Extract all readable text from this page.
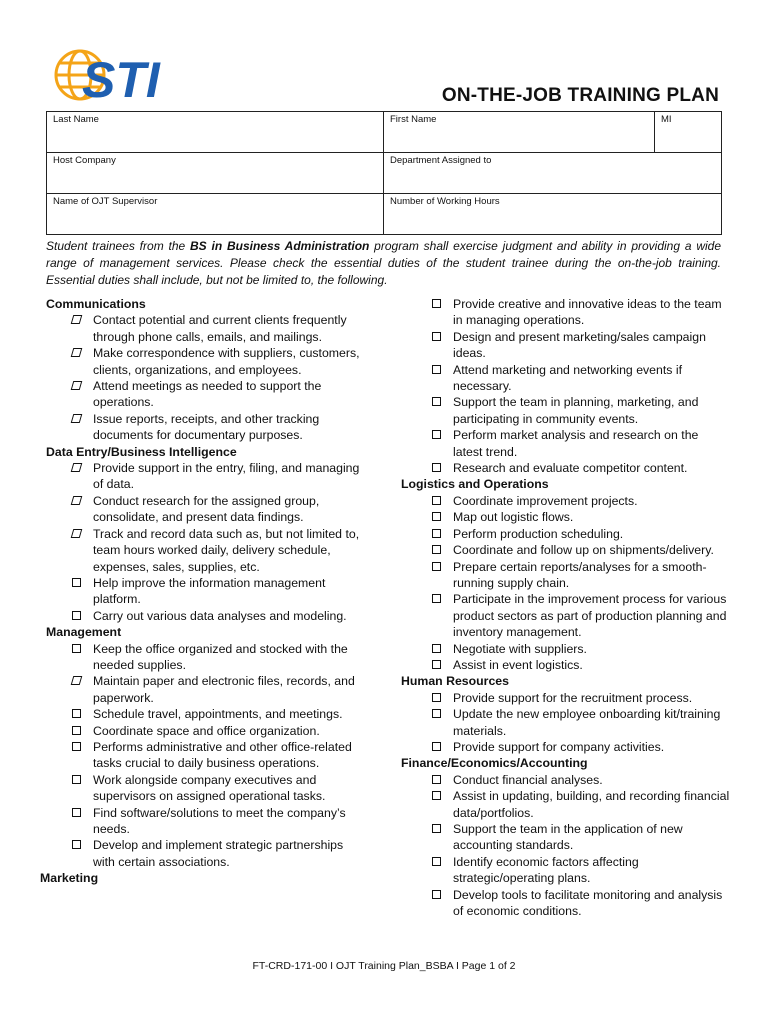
STI	ON-THE-JOB TRAINING PLAN
Last Name	First Name	MI
Host Company	Department Assigned to	
Name of OJT Supervisor	Number of Working Hours	

Student trainees from the BS in Business Administration program shall exercise judgment and ability in providing a wide range of management services. Please check the essential duties of the student trainee during the on-the-job training. Essential duties shall include, but not be limited to, the following.

Communications

Contact potential and current clients frequently through phone calls, emails, and mailings.

Make correspondence with suppliers, customers, clients, organizations, and employees.

Attend meetings as needed to support the operations.

Issue reports, receipts, and other tracking documents for documentary purposes.

Data Entry/Business Intelligence

Provide support in the entry, filing, and managing of data.

Conduct research for the assigned group, consolidate, and present data findings.

Track and record data such as, but not limited to, team hours worked daily, delivery schedule, expenses, sales, supplies, etc.

Help improve the information management platform.

Carry out various data analyses and modeling.

Management

Keep the office organized and stocked with the needed supplies.

Maintain paper and electronic files, records, and paperwork.

Schedule travel, appointments, and meetings.

Coordinate space and office organization.

Performs administrative and other office-related tasks crucial to daily business operations.

Work alongside company executives and supervisors on assigned operational tasks.

Find software/solutions to meet the company’s needs.

Develop and implement strategic partnerships with certain associations.

Marketing

Provide creative and innovative ideas to the team in managing operations.

Design and present marketing/sales campaign ideas.

Attend marketing and networking events if necessary.

Support the team in planning, marketing, and participating in community events.

Perform market analysis and research on the latest trend.

Research and evaluate competitor content.

Logistics and Operations

Coordinate improvement projects.

Map out logistic flows.

Perform production scheduling.

Coordinate and follow up on shipments/delivery.

Prepare certain reports/analyses for a smooth-running supply chain.

Participate in the improvement process for various product sectors as part of production planning and inventory management.

Negotiate with suppliers.

Assist in event logistics.

Human Resources

Provide support for the recruitment process.

Update the new employee onboarding kit/training materials.

Provide support for company activities.

Finance/Economics/Accounting

Conduct financial analyses.

Assist in updating, building, and recording financial data/portfolios.

Support the team in the application of new accounting standards.

Identify economic factors affecting strategic/operating plans.

Develop tools to facilitate monitoring and analysis of economic conditions.

FT-CRD-171-00 I OJT Training Plan_BSBA I Page 1 of 2
